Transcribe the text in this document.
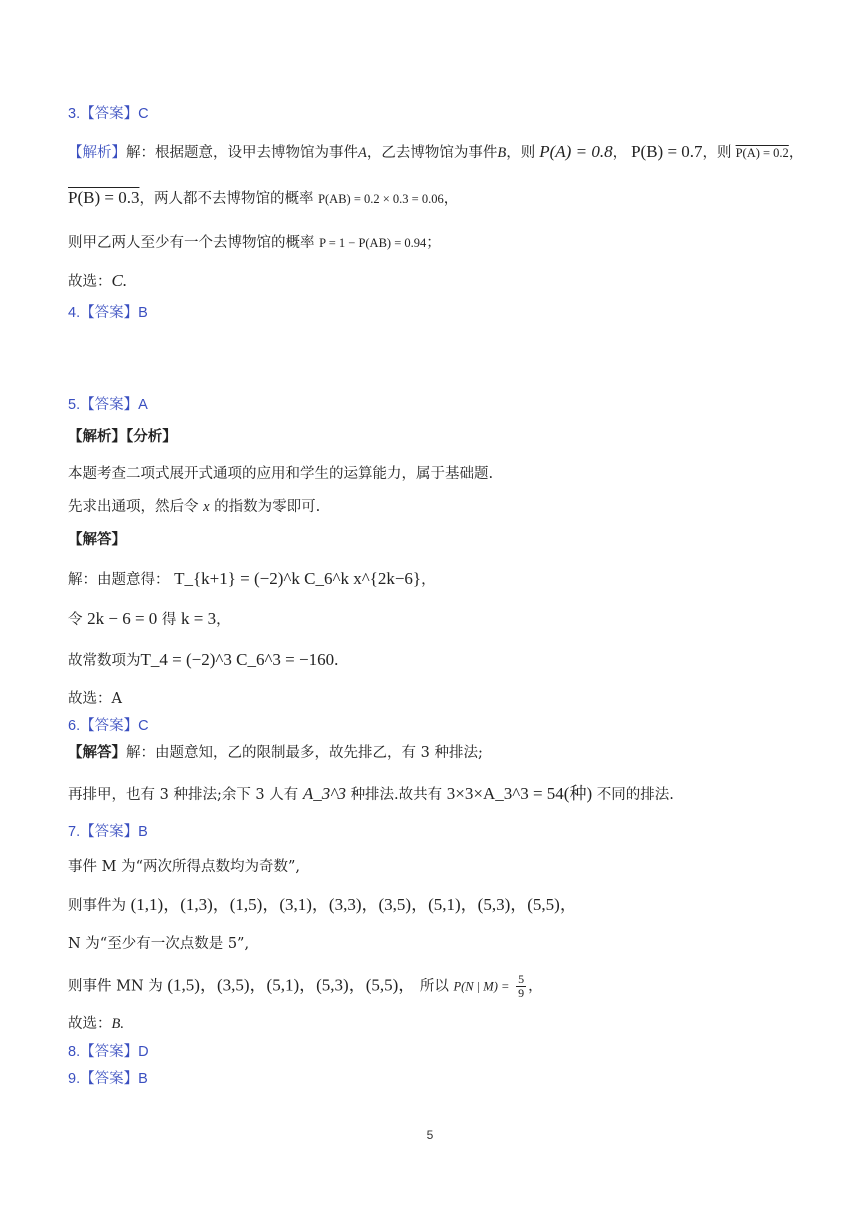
3.【答案】C
【解析】解：根据题意，设甲去博物馆为事件A，乙去博物馆为事件B，则 P(A) = 0.8， P(B) = 0.7，则 P(A) = 0.2，
P(B) = 0.3，两人都不去博物馆的概率 P(AB) = 0.2 × 0.3 = 0.06，
则甲乙两人至少有一个去博物馆的概率 P = 1 − P(AB) = 0.94；
故选：C.
4.【答案】B
5.【答案】A
【解析】【分析】
本题考查二项式展开式通项的应用和学生的运算能力，属于基础题.
先求出通项，然后令 x 的指数为零即可.
【解答】
解：由题意得： T_{k+1} = (−2)^k C_6^k x^{2k−6}，
令 2k − 6 = 0 得 k = 3，
故常数项为T_4 = (−2)^3 C_6^3 = −160.
故选：A
6.【答案】C
【解答】解：由题意知，乙的限制最多，故先排乙，有 3 种排法;
再排甲，也有 3 种排法;余下 3 人有 A_3^3 种排法.故共有 3×3×A_3^3 = 54(种) 不同的排法.
7.【答案】B
事件 M 为“两次所得点数均为奇数”,
则事件为 (1,1)，(1,3)，(1,5)，(3,1)，(3,3)，(3,5)，(5,1)，(5,3)，(5,5)，
N 为“至少有一次点数是 5”,
则事件 MN 为 (1,5)，(3,5)，(5,1)，(5,3)，(5,5)， 所以 P(N | $M) = \frac{5}{9}$ ，
故选：B.
8.【答案】D
9.【答案】B
5
